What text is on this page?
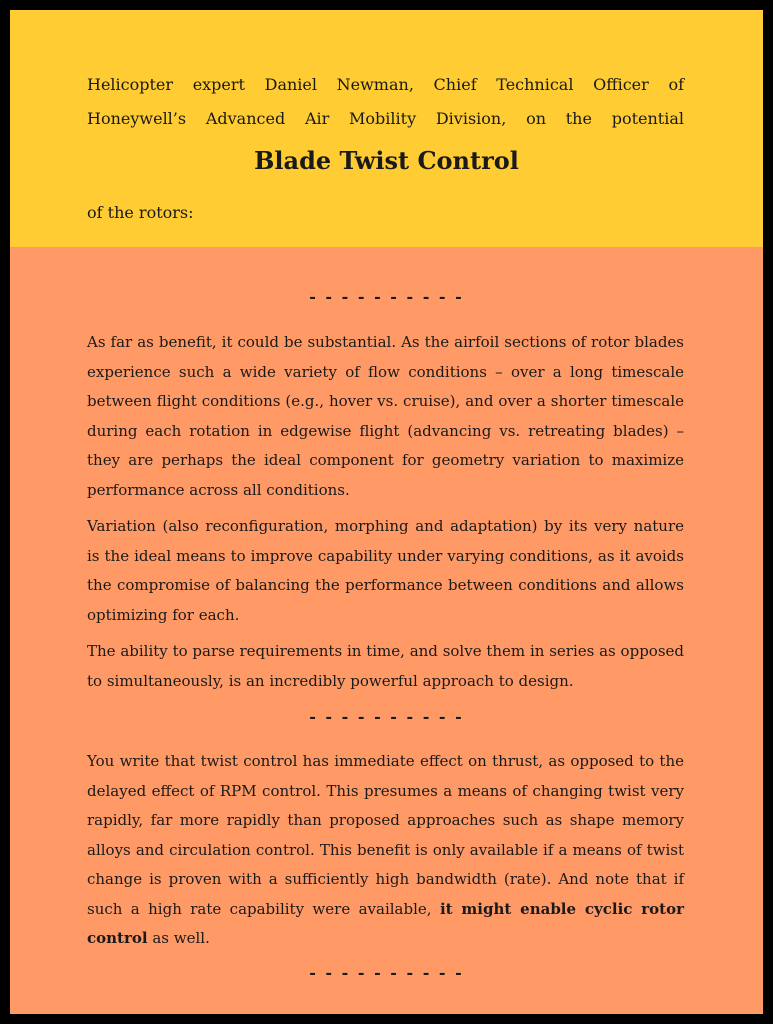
Helicopter expert Daniel Newman, Chief Technical Officer of Honeywell’s Advanced Air Mobility Division, on the potential

Blade Twist Control

of the rotors:

- - - - - - - - - -

As far as benefit, it could be substantial. As the airfoil sections of rotor blades experience such a wide variety of flow conditions – over a long timescale between flight conditions (e.g., hover vs. cruise), and over a shorter timescale during each rotation in edgewise flight (advancing vs. retreating blades) – they are perhaps the ideal component for geometry variation to maximize performance across all conditions.

Variation (also reconfiguration, morphing and adaptation) by its very nature is the ideal means to improve capability under varying conditions, as it avoids the compromise of balancing the performance between conditions and allows optimizing for each.

The ability to parse requirements in time, and solve them in series as opposed to simultaneously, is an incredibly powerful approach to design.

- - - - - - - - - -

You write that twist control has immediate effect on thrust, as opposed to the delayed effect of RPM control. This presumes a means of changing twist very rapidly, far more rapidly than proposed approaches such as shape memory alloys and circulation control. This benefit is only available if a means of twist change is proven with a sufficiently high bandwidth (rate). And note that if such a high rate capability were available, it might enable cyclic rotor control as well.

- - - - - - - - - -
